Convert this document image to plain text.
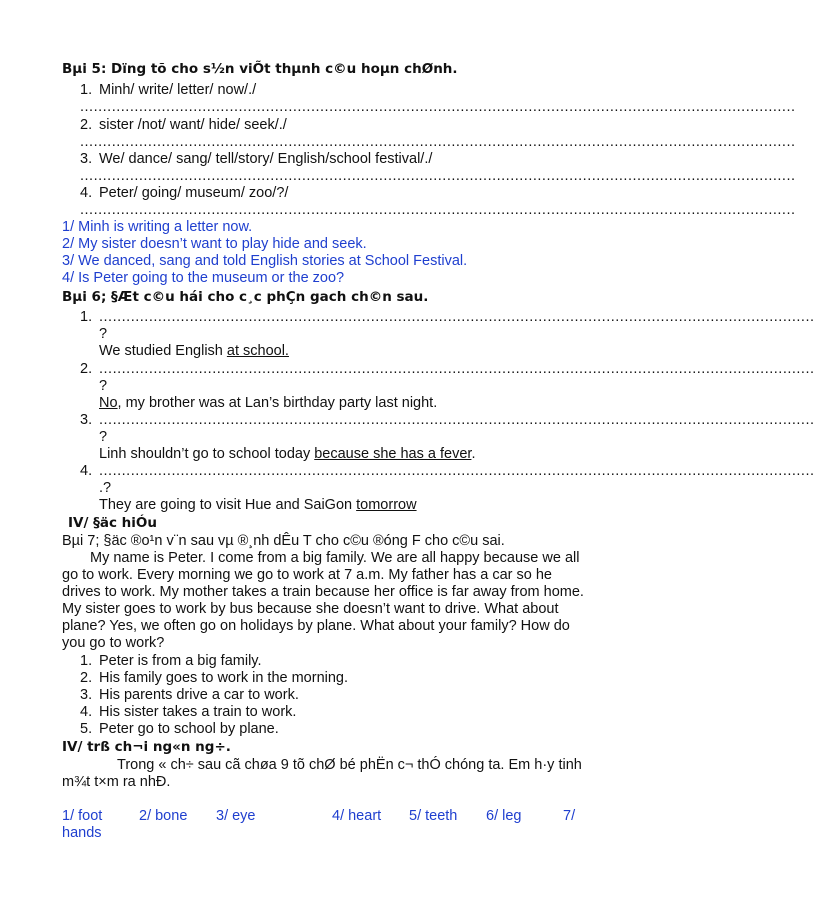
Bµi 5: Dïng tõ cho s½n viÕt thµnh c©u hoµn chØnh.
1. Minh/ write/ letter/ now/./
..............................................................................................................................................................
2. sister /not/ want/ hide/ seek/./
..............................................................................................................................................................
3. We/ dance/ sang/ tell/story/ English/school festival/./
..............................................................................................................................................................
4. Peter/ going/ museum/ zoo/?/
..............................................................................................................................................................
1/ Minh is writing a letter now.
2/ My sister doesn’t want to play hide and seek.
3/ We danced, sang and told English stories at School Festival.
4/ Is Peter going to the museum or the zoo?
Bµi 6; §Æt c©u hái cho c¸c phÇn gach ch©n sau.
1. ..............................................................................................................................................................
?
We studied English at school.
2. ..............................................................................................................................................................
?
No, my brother was at Lan’s birthday party last night.
3. ..............................................................................................................................................................
?
Linh shouldn’t go to school today because she has a fever.
4. ..............................................................................................................................................................
.?
They are going to visit Hue and SaiGon tomorrow
IV/ §äc hiÓu
Bµi 7; §äc ®o¹n v¨n sau vµ ®¸nh dÊu T cho c©u ®óng F cho c©u sai.
My name is Peter. I come from a big family. We are all happy because we all
go to work. Every morning we go to work at 7 a.m. My father has a car so he
drives to work. My mother takes a train because her office is far away from home.
My sister goes to work by bus because she doesn’t want to drive. What about
plane? Yes, we often go on holidays by plane. What about your family? How do
you go to work?
1. Peter is from a big family.
2. His family goes to work in the morning.
3. His parents drive a car to work.
4. His sister takes a train to work.
5. Peter go to school by plane.
IV/ trß ch¬i ng«n ng÷.
Trong « ch÷ sau cã chøa 9 tõ chØ bé phËn c¬ thÓ chóng ta. Em h·y tinh
m¾t t×m ra nhÐ.
1/ foot	2/ bone 3/ eye	4/ heart 5/ teeth 6/ leg	7/
hands
